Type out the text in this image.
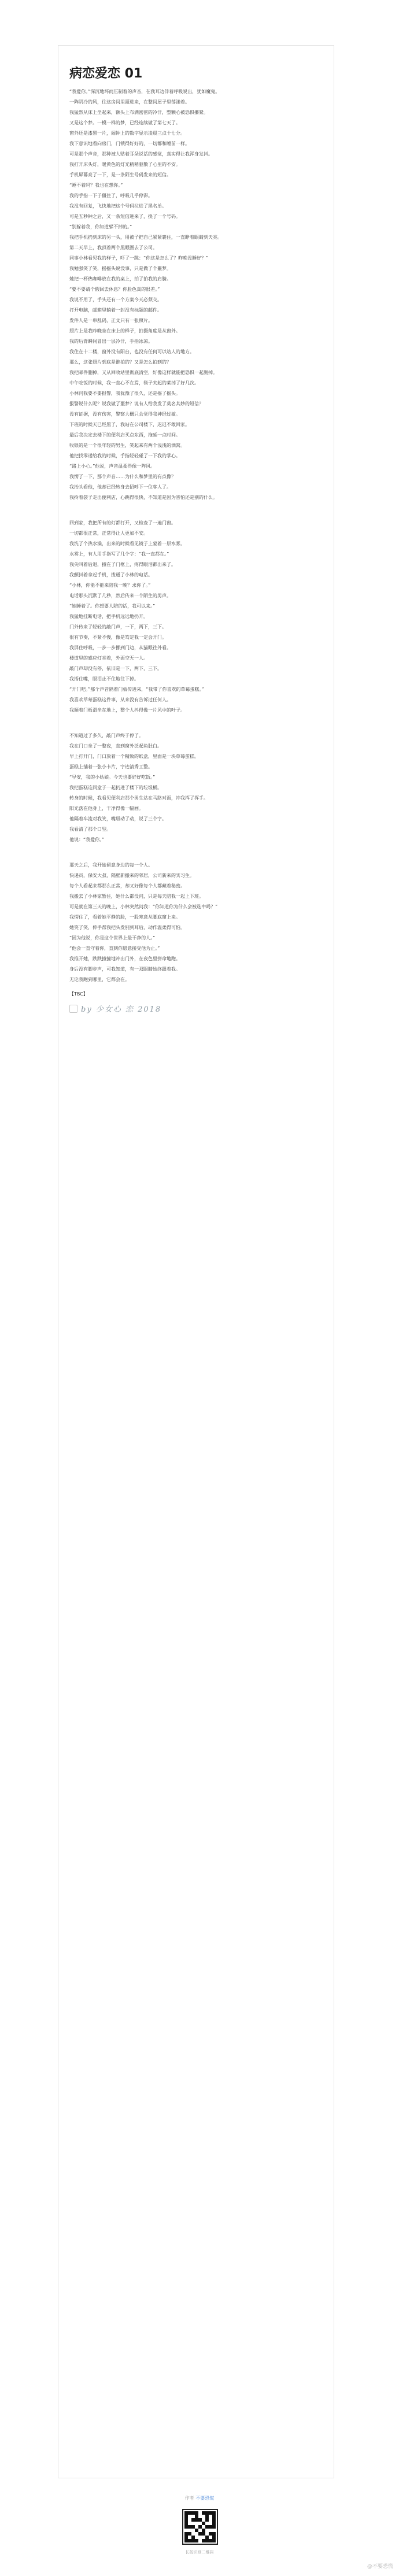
病恋爱恋 01

“我爱你。”深沉地坏而压制着的声音，在我耳边伴着呼吸说出，犹如魔鬼。

一阵阴冷的风，往这房间里灌进来，在整间屋子里荡漾着。

我猛然从床上坐起来，额头上布满密密的冷汗，整颗心被恐惧攥紧。

又是这个梦。一模一样的梦，已经连续做了第七天了。

窗外还是漆黑一片，闹钟上的数字显示凌晨三点十七分。

我下意识地看向房门，门锁得好好的，一切都和睡前一样。

可是那个声音，那种被人贴着耳朵说话的感觉，真实得让我浑身发抖。

我打开床头灯，暖黄色的灯光稍稍驱散了心里的不安。

手机屏幕亮了一下，是一条陌生号码发来的短信。

“睡不着吗？我也在想你。”

我的手指一下子僵住了，呼吸几乎停滞。

我没有回复，飞快地把这个号码拉进了黑名单。

可是五秒钟之后，又一条短信进来了，换了一个号码。

“别躲着我，你知道躲不掉的。”

我把手机扔到床的另一头，用被子把自己紧紧裹住，一直睁着眼睛到天亮。

第二天早上，我顶着两个黑眼圈去了公司。

同事小林看见我的样子，吓了一跳：“你这是怎么了？昨晚没睡好？”

我勉强笑了笑，摇摇头说没事，只是做了个噩梦。

她把一杯热咖啡放在我的桌上，拍了拍我的肩膀。

“要不要请个假回去休息？你脸色真的很差。”

我说不用了，手头还有一个方案今天必须交。

打开电脑，邮箱里躺着一封没有标题的邮件。

发件人是一串乱码，正文只有一张照片。

照片上是我昨晚坐在床上的样子，拍摄角度是从窗外。

我的后背瞬间冒出一层冷汗，手指冰凉。

我住在十二楼，窗外没有阳台，也没有任何可以站人的地方。

那么，这张照片到底是谁拍的？又是怎么拍到的？

我把邮件删掉，又从回收站里彻底清空，好像这样就能把恐惧一起删掉。

中午吃饭的时候，我一直心不在焉，筷子夹起的菜掉了好几次。

小林问我要不要报警，我犹豫了很久，还是摇了摇头。

报警说什么呢？说我做了噩梦？说有人给我发了莫名其妙的短信？

没有证据，没有伤害，警察大概只会觉得我神经过敏。

下班的时候天已经黑了，我站在公司楼下，迟迟不敢回家。

最后我决定去楼下的便利店买点东西，拖延一点时间。

收银的是一个很年轻的男生，笑起来有两个浅浅的酒窝。

他把找零递给我的时候，手指轻轻碰了一下我的掌心。

“路上小心。”他说，声音温柔得像一阵风。

我愣了一下，那个声音……为什么和梦里的有点像？

我抬头看他，他却已经转身去招呼下一位客人了。

我拎着袋子走出便利店，心跳得很快，不知道是因为害怕还是别的什么。

回到家，我把所有的灯都打开，又检查了一遍门窗。

一切都很正常，正常得让人更加不安。

我洗了个热水澡，出来的时候看见镜子上蒙着一层水雾。

水雾上，有人用手指写了几个字：“我一直都在。”

我尖叫着后退，撞在了门框上，疼得眼泪都出来了。

我颤抖着拿起手机，拨通了小林的电话。

“小林，你能不能来陪我一晚？求你了。”

电话那头沉默了几秒，然后传来一个陌生的男声。

“她睡着了。你想要人陪的话，我可以来。”

我猛地挂断电话，把手机远远地扔开。

门外传来了轻轻的敲门声，一下，两下，三下。

很有节奏，不紧不慢，像是笃定我一定会开门。

我屏住呼吸，一步一步挪到门边，从猫眼往外看。

楼道里的感应灯亮着，外面空无一人。

敲门声却没有停，依旧是一下，两下，三下。

我捂住嘴，眼泪止不住地往下掉。

“开门吧。”那个声音隔着门板传进来，“我带了你喜欢的草莓蛋糕。”

我喜欢草莓蛋糕这件事，从来没有告诉过任何人。

我顺着门板滑坐在地上，整个人抖得像一片风中的叶子。

不知道过了多久，敲门声终于停了。

我在门口坐了一整夜，直到窗外泛起鱼肚白。

早上打开门，门口放着一个精致的纸盒，里面是一块草莓蛋糕。

蛋糕上插着一张小卡片，字迹清秀工整。

“早安，我的小姑娘。今天也要好好吃饭。”

我把蛋糕连同盒子一起扔进了楼下的垃圾桶。

转身的时候，我看见便利店那个男生站在马路对面，冲我挥了挥手。

阳光落在他身上，干净得像一幅画。

他隔着车流对我笑，嘴唇动了动，说了三个字。

我看清了那个口型。

他说：“我爱你。”

那天之后，我开始留意身边的每一个人。

快递员，保安大叔，隔壁新搬来的邻居，公司新来的实习生。

每个人看起来都那么正常，却又好像每个人都藏着秘密。

我搬去了小林家暂住，她什么都没问，只是每天陪我一起上下班。

可是就在第三天的晚上，小林突然问我：“你知道你为什么会被选中吗？”

我愣住了，看着她平静的脸，一股寒意从脚底窜上来。

她笑了笑，伸手帮我把头发别到耳后，动作温柔得可怕。

“因为他说，你是这个世界上最干净的人。”

“他会一直守着你，直到你愿意接受他为止。”

我推开她，跌跌撞撞地冲出门外，在夜色里拼命地跑。

身后没有脚步声，可我知道，有一双眼睛始终跟着我。

无论我跑到哪里，它都会在。

【TBC】
by 少女心 恋 2018
作者 不要恐慌
长按识别二维码
@不要恐慌
